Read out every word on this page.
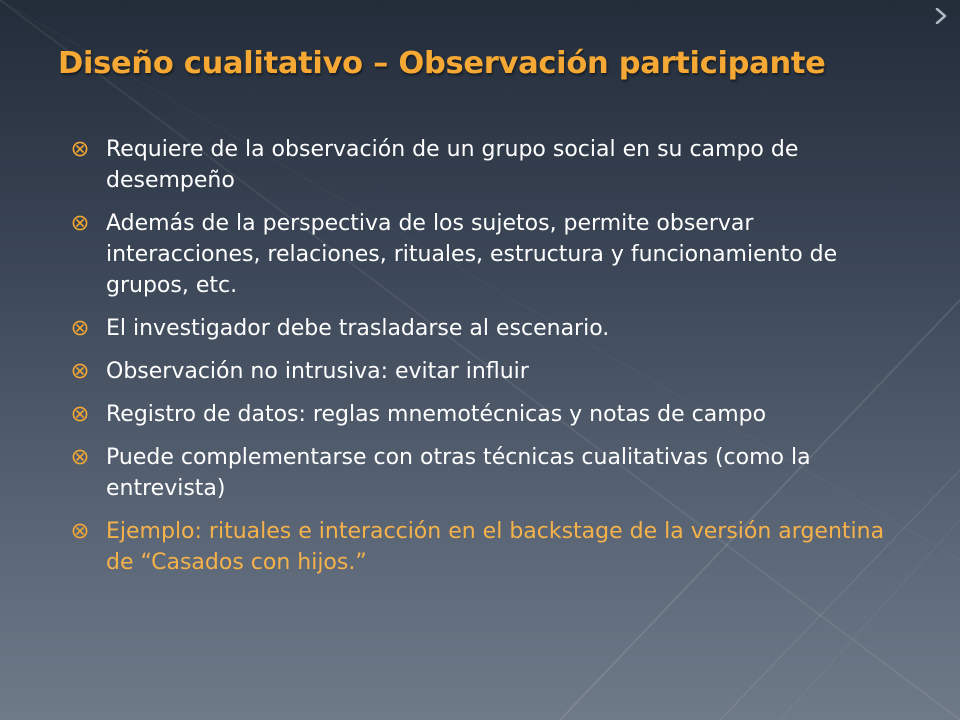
Diseño cualitativo – Observación participante
Requiere de la observación de un grupo social en su campo de desempeño
Además de la perspectiva de los sujetos, permite observar interacciones, relaciones, rituales, estructura y funcionamiento de grupos, etc.
El investigador debe trasladarse al escenario.
Observación no intrusiva: evitar influir
Registro de datos: reglas mnemotécnicas y notas de campo
Puede complementarse con otras técnicas cualitativas (como la entrevista)
Ejemplo: rituales e interacción en el backstage de la versión argentina de “Casados con hijos.”
